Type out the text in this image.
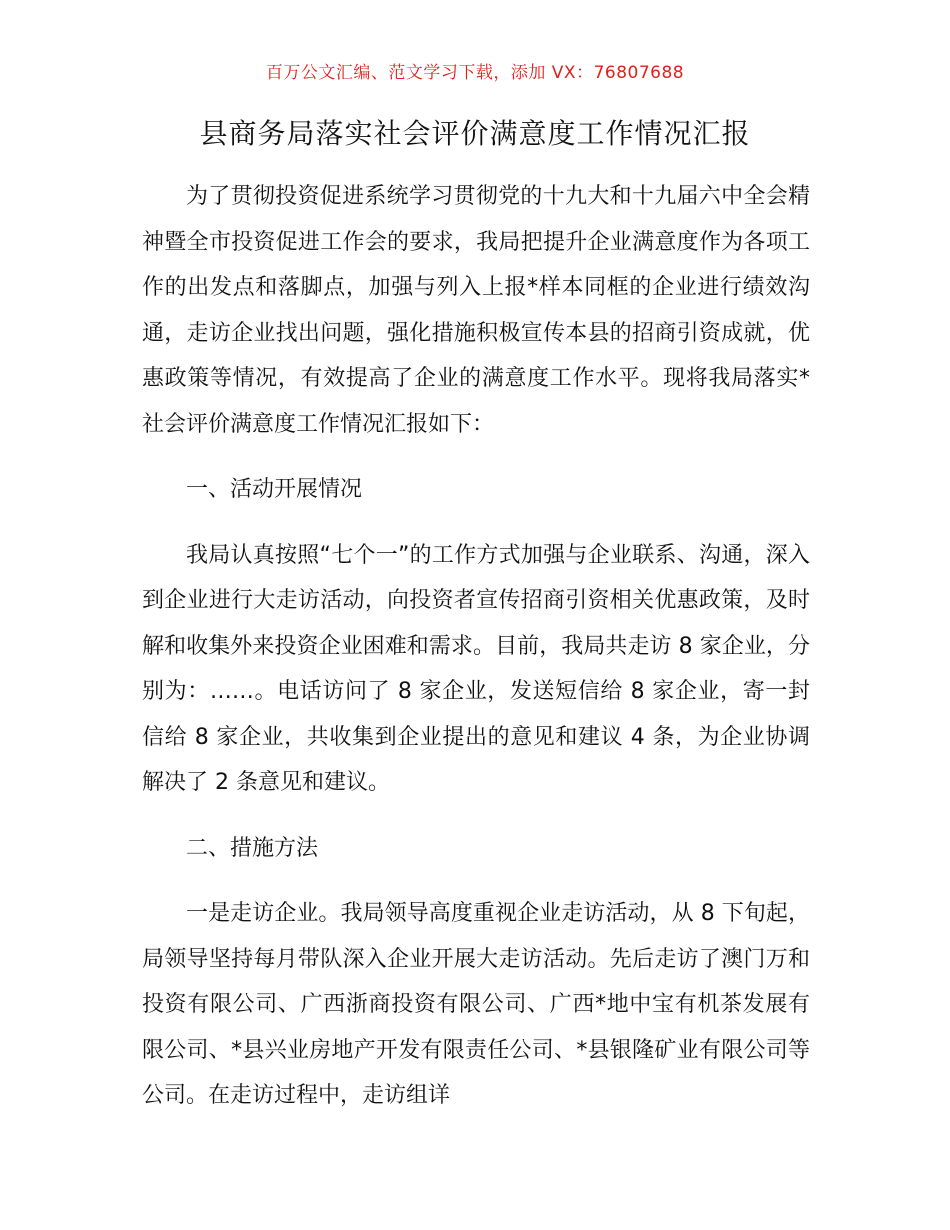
百万公文汇编、范文学习下载，添加 VX：76807688
县商务局落实社会评价满意度工作情况汇报

为了贯彻投资促进系统学习贯彻党的十九大和十九届六中全会精神暨全市投资促进工作会的要求，我局把提升企业满意度作为各项工作的出发点和落脚点，加强与列入上报*样本同框的企业进行绩效沟通，走访企业找出问题，强化措施积极宣传本县的招商引资成就，优惠政策等情况，有效提高了企业的满意度工作水平。现将我局落实*社会评价满意度工作情况汇报如下：

一、活动开展情况

我局认真按照“七个一”的工作方式加强与企业联系、沟通，深入到企业进行大走访活动，向投资者宣传招商引资相关优惠政策，及时解和收集外来投资企业困难和需求。目前，我局共走访 8 家企业，分别为：……。电话访问了 8 家企业，发送短信给 8 家企业，寄一封信给 8 家企业，共收集到企业提出的意见和建议 4 条，为企业协调解决了 2 条意见和建议。

二、措施方法

一是走访企业。我局领导高度重视企业走访活动，从 8 下旬起，局领导坚持每月带队深入企业开展大走访活动。先后走访了澳门万和投资有限公司、广西浙商投资有限公司、广西*地中宝有机茶发展有限公司、*县兴业房地产开发有限责任公司、*县银隆矿业有限公司等公司。在走访过程中，走访组详
